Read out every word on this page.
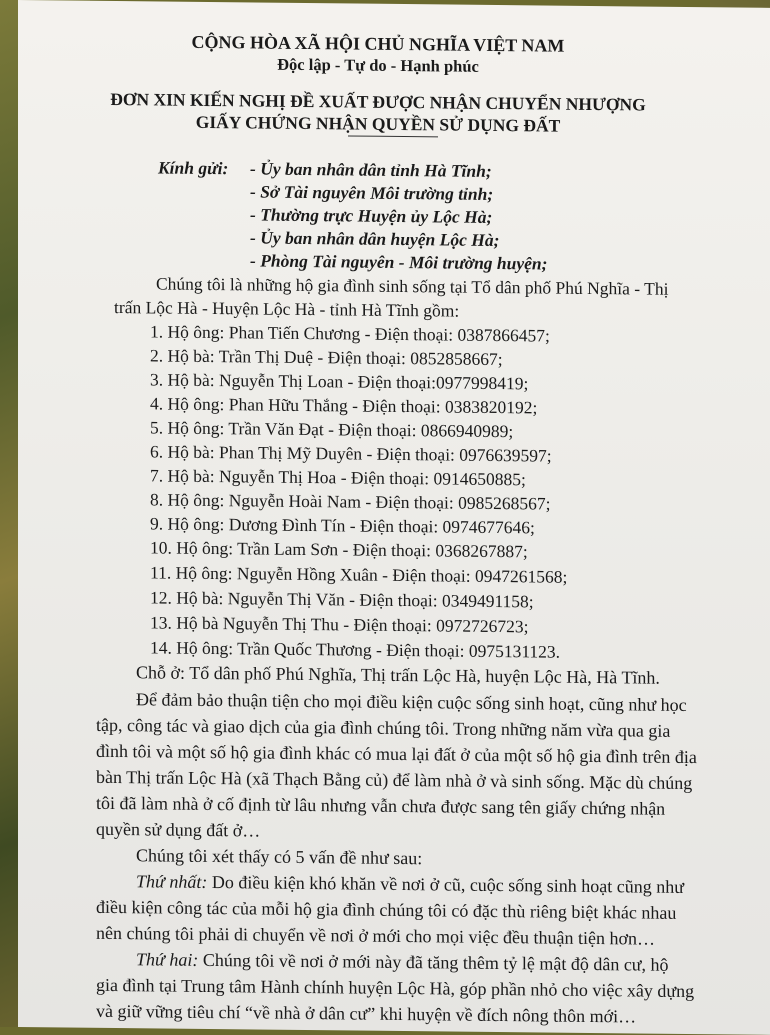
CỘNG HÒA XÃ HỘI CHỦ NGHĨA VIỆT NAM
Độc lập - Tự do - Hạnh phúc
ĐƠN XIN KIẾN NGHỊ ĐỀ XUẤT ĐƯỢC NHẬN CHUYỂN NHƯỢNG
GIẤY CHỨNG NHẬN QUYỀN SỬ DỤNG ĐẤT
Kính gửi: - Ủy ban nhân dân tỉnh Hà Tĩnh;
- Sở Tài nguyên Môi trường tỉnh;
- Thường trực Huyện ủy Lộc Hà;
- Ủy ban nhân dân huyện Lộc Hà;
- Phòng Tài nguyên - Môi trường huyện;
Chúng tôi là những hộ gia đình sinh sống tại Tổ dân phố Phú Nghĩa - Thị
trấn Lộc Hà - Huyện Lộc Hà - tỉnh Hà Tĩnh gồm:
1. Hộ ông: Phan Tiến Chương - Điện thoại: 0387866457;
2. Hộ bà: Trần Thị Duệ - Điện thoại: 0852858667;
3. Hộ bà: Nguyễn Thị Loan - Điện thoại:0977998419;
4. Hộ ông: Phan Hữu Thắng - Điện thoại: 0383820192;
5. Hộ ông: Trần Văn Đạt - Điện thoại: 0866940989;
6. Hộ bà: Phan Thị Mỹ Duyên - Điện thoại: 0976639597;
7. Hộ bà: Nguyễn Thị Hoa - Điện thoại: 0914650885;
8. Hộ ông: Nguyễn Hoài Nam - Điện thoại: 0985268567;
9. Hộ ông: Dương Đình Tín - Điện thoại: 0974677646;
10. Hộ ông: Trần Lam Sơn - Điện thoại: 0368267887;
11. Hộ ông: Nguyễn Hồng Xuân - Điện thoại: 0947261568;
12. Hộ bà: Nguyễn Thị Văn - Điện thoại: 0349491158;
13. Hộ bà Nguyễn Thị Thu - Điện thoại: 0972726723;
14. Hộ ông: Trần Quốc Thương - Điện thoại: 0975131123.
Chỗ ở: Tổ dân phố Phú Nghĩa, Thị trấn Lộc Hà, huyện Lộc Hà, Hà Tĩnh.
Để đảm bảo thuận tiện cho mọi điều kiện cuộc sống sinh hoạt, cũng như học
tập, công tác và giao dịch của gia đình chúng tôi. Trong những năm vừa qua gia
đình tôi và một số hộ gia đình khác có mua lại đất ở của một số hộ gia đình trên địa
bàn Thị trấn Lộc Hà (xã Thạch Bằng củ) để làm nhà ở và sinh sống. Mặc dù chúng
tôi đã làm nhà ở cố định từ lâu nhưng vẫn chưa được sang tên giấy chứng nhận
quyền sử dụng đất ở…
Chúng tôi xét thấy có 5 vấn đề như sau:
Thứ nhất: Do điều kiện khó khăn về nơi ở cũ, cuộc sống sinh hoạt cũng như
điều kiện công tác của mỗi hộ gia đình chúng tôi có đặc thù riêng biệt khác nhau
nên chúng tôi phải di chuyển về nơi ở mới cho mọi việc đều thuận tiện hơn…
Thứ hai: Chúng tôi về nơi ở mới này đã tăng thêm tỷ lệ mật độ dân cư, hộ
gia đình tại Trung tâm Hành chính huyện Lộc Hà, góp phần nhỏ cho việc xây dựng
và giữ vững tiêu chí “về nhà ở dân cư” khi huyện về đích nông thôn mới…
